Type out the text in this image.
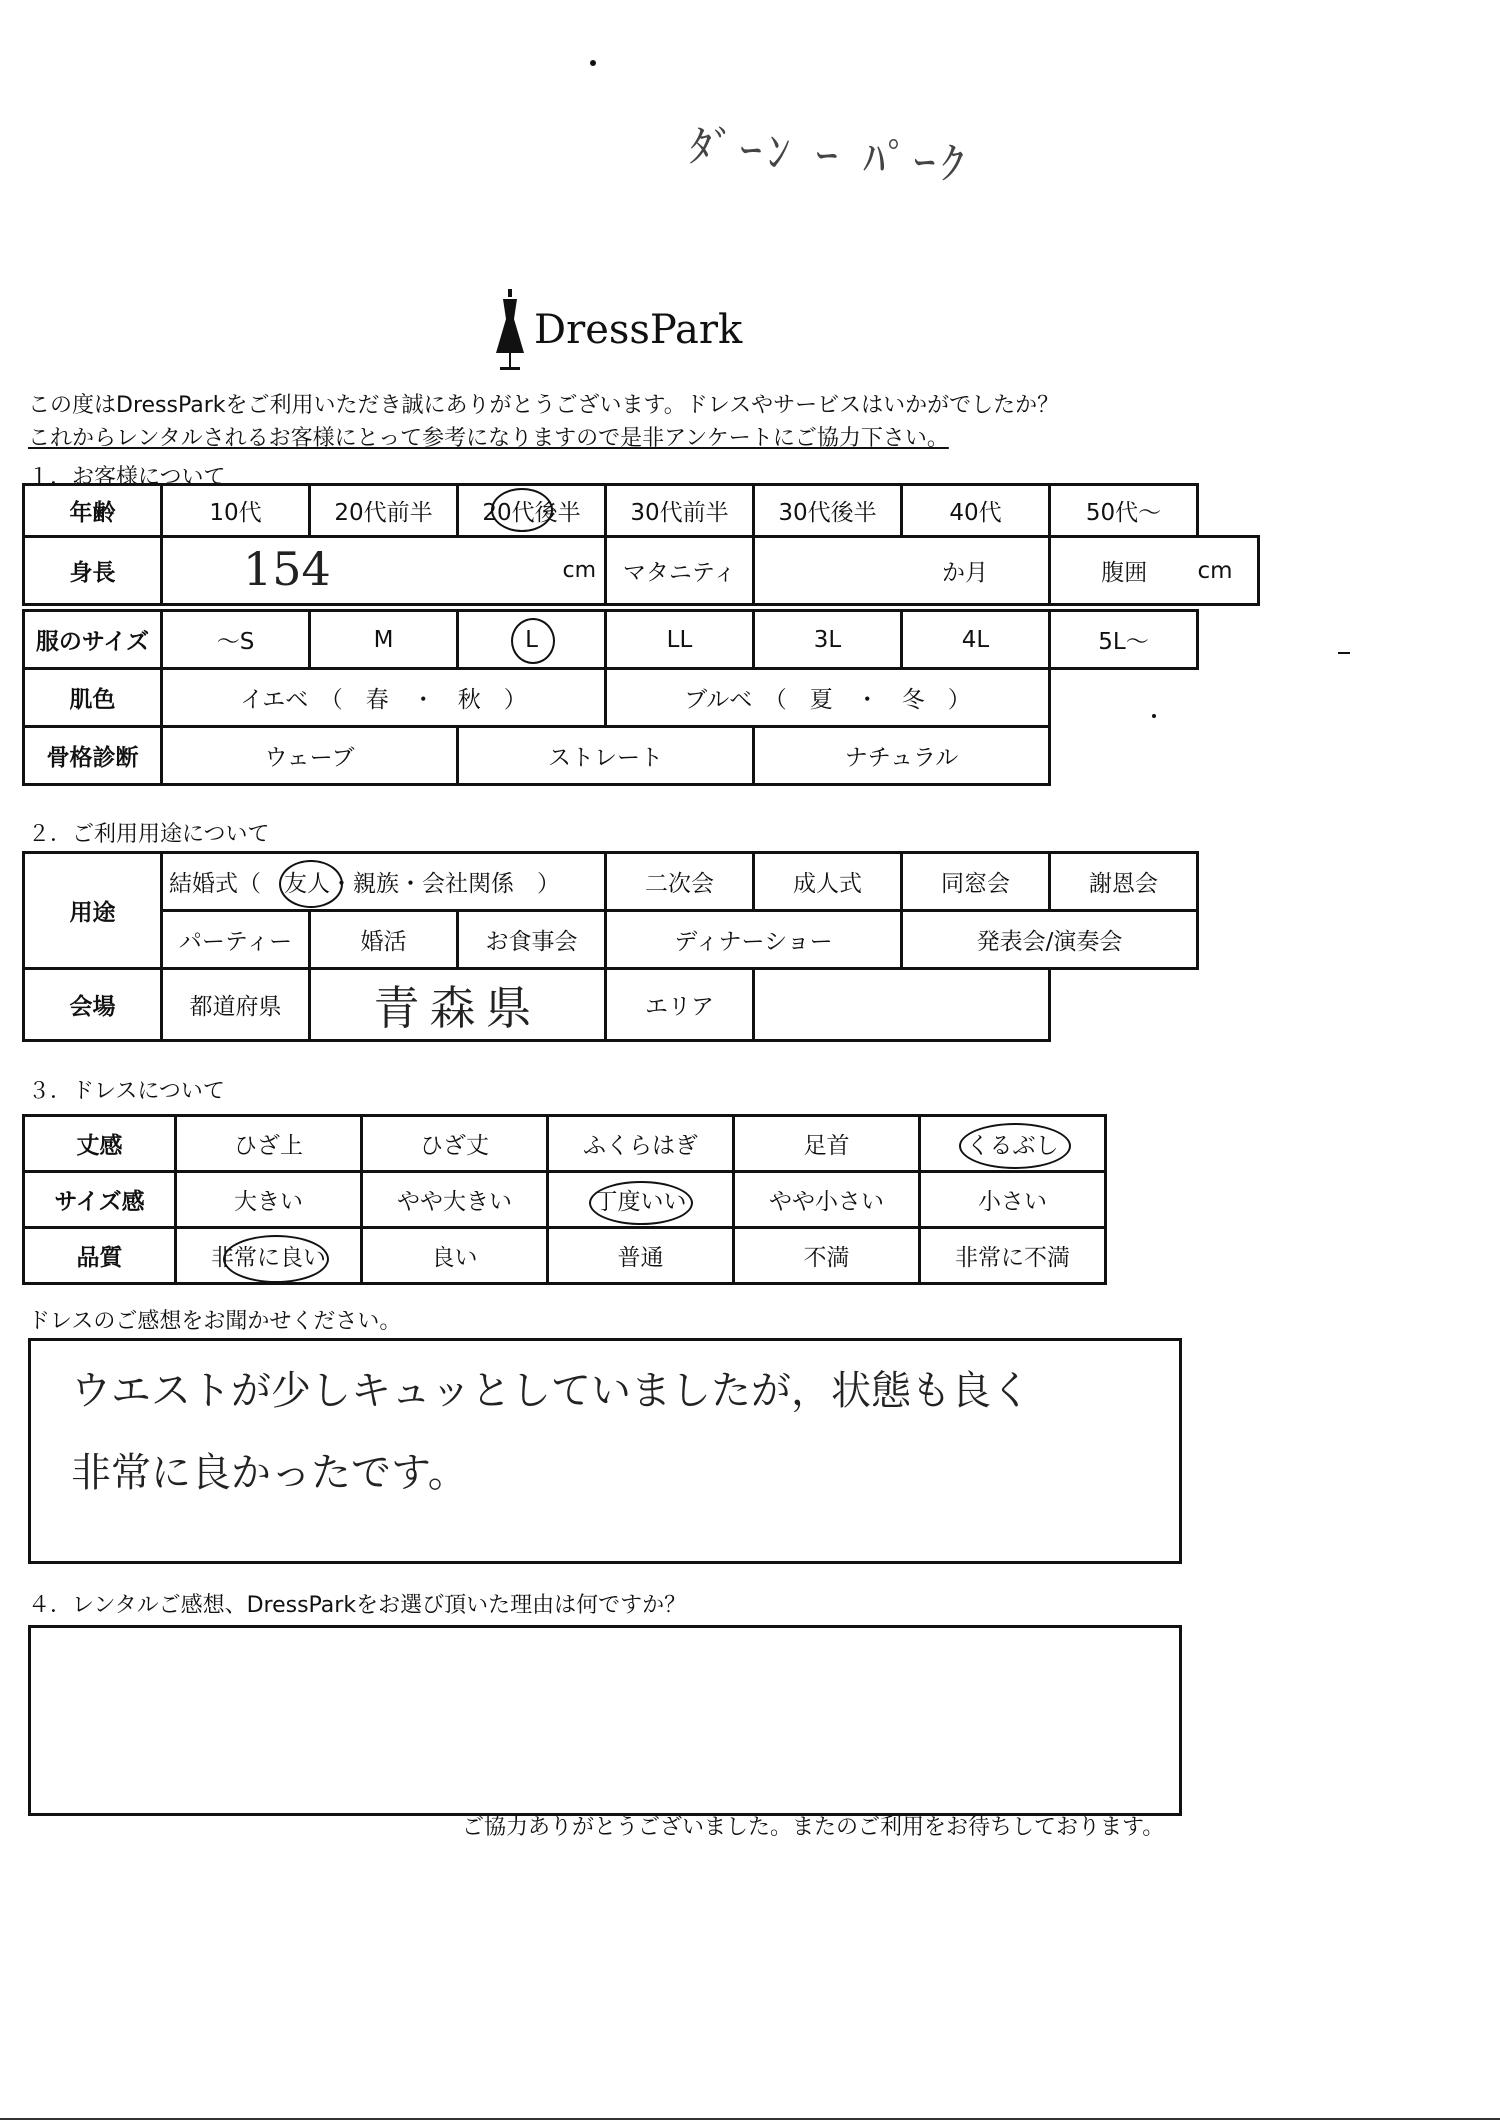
ﾀﾞｰﾝ ｰ ﾊﾟｰｸ
DressPark
この度はDressParkをご利用いただき誠にありがとうございます。ドレスやサービスはいかがでしたか？
これからレンタルされるお客様にとって参考になりますので是非アンケートにご協力下さい。
１．お客様について
年齢	10代	20代前半	20代後半	30代前半	30代後半	40代	50代～	
身長	154 cm			マタニティ	か月		腹囲	cm
服のサイズ	～S	M	L	LL	3L	4L	5L～
肌色	イエベ　（　春　・　秋　）			ブルベ　（　夏　・　冬　）			
骨格診断	ウェーブ		ストレート		ナチュラル		
２．ご利用用途について
用途	結婚式（　友人・親族・会社関係　）			二次会	成人式	同窓会	謝恩会
	パーティー	婚活	お食事会	ディナーショー		発表会/演奏会	
会場	都道府県	青森県		エリア			
３．ドレスについて
丈感	ひざ上	ひざ丈	ふくらはぎ	足首	くるぶし

サイズ感	大きい	やや大きい	丁度いい	やや小さい	小さい
品質	非常に良い	良い	普通	不満	非常に不満
ドレスのご感想をお聞かせください。
ウエストが少しキュッとしていましたが，状態も良く
非常に良かったです。
４．レンタルご感想、DressParkをお選び頂いた理由は何ですか？
ご協力ありがとうございました。またのご利用をお待ちしております。
